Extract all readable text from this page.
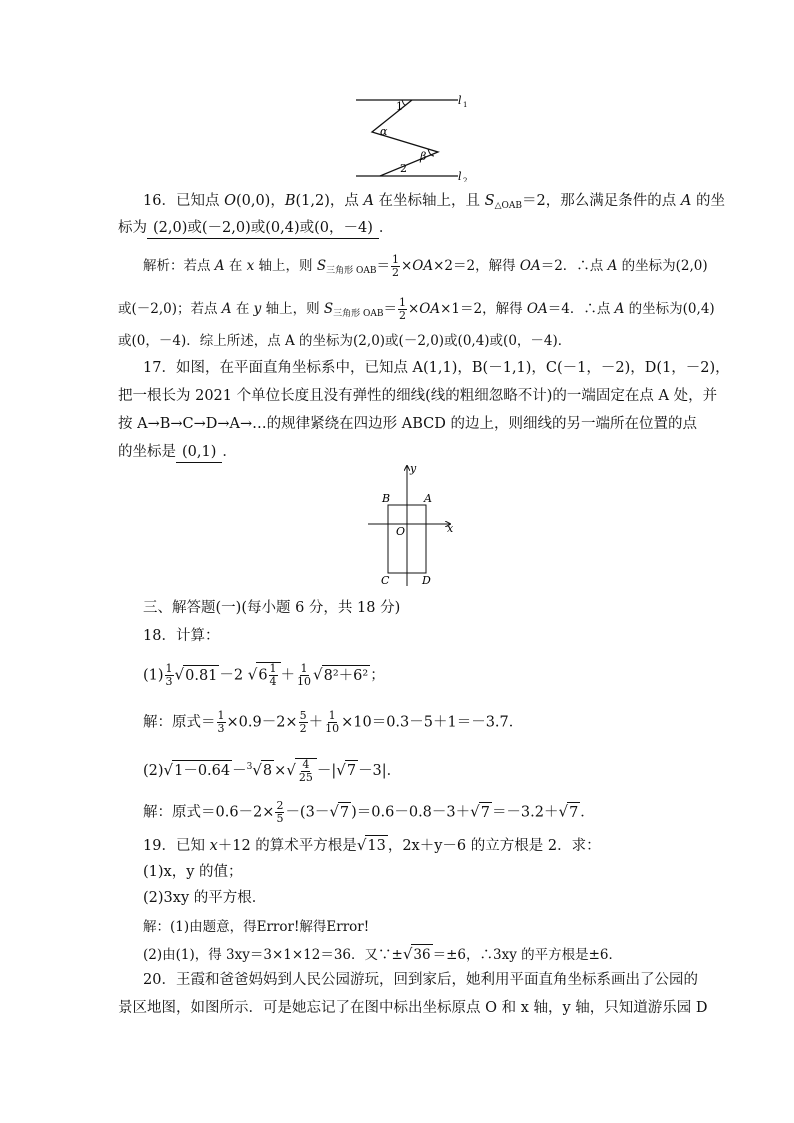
l 1
l 2
1
α
β
2
16．已知点 O(0,0)，B(1,2)，点 A 在坐标轴上，且 $S_{\triangle OAB}=2$，那么满足条件的点 A 的坐
标为 (2,0)或(－2,0)或(0,4)或(0，－4) ．
解析：若点 A 在 x 轴上，则 $S_{三角形 OAB}= \frac{1}{2} \times OA\times 2=2$，解得 OA＝2．∴点 A 的坐标为(2,0)
或(－2,0)；若点 A 在 y 轴上，则 $S_{三角形 OAB}= \frac{1}{2} \times OA\times 1=2$，解得 OA＝4．∴点 A 的坐标为(0,4)
或(0，－4)．综上所述，点 A 的坐标为(2,0)或(－2,0)或(0,4)或(0，－4)．
17．如图，在平面直角坐标系中，已知点 A(1,1)，B(－1,1)，C(－1，－2)，D(1，－2)，
把一根长为 2021 个单位长度且没有弹性的细线(线的粗细忽略不计)的一端固定在点 A 处，并
按 A→B→C→D→A→…的规律紧绕在四边形 ABCD 的边上，则细线的另一端所在位置的点
的坐标是 (0,1) ．
y
x
O
B	A
C	D
三、解答题(一)(每小题 6 分，共 18 分)
18．计算：
$(1) \frac{1}{3} √0.81 -2$ $√6 \frac{1}{4} + \frac{1}{10} √8^2+6^2$ ；
解：原式＝ $\frac{1}{3} \times 0.9-2\times \frac{5}{2} + \frac{1}{10} \times 10=0.3-5+1=-3.7$．
(2)√1－0.64 －$^3$√8 ×√ $\frac{4}{25} -|√7 -3|$．
解：原式$=0.6-2\times \frac{2}{5} -(3-√7$ )＝0.6－0.8－3＋√7 ＝－3.2＋√7 ．
19．已知 x＋12 的算术平方根是√13 ，2x＋y－6 的立方根是 2．求：
(1)x，y 的值；
(2)3xy 的平方根．
解：(1)由题意，得Error!解得Error!
(2)由(1)，得 3xy＝3×1×12＝36．又∵±√36 ＝±6，∴3xy 的平方根是±6．
20．王霞和爸爸妈妈到人民公园游玩，回到家后，她利用平面直角坐标系画出了公园的
景区地图，如图所示．可是她忘记了在图中标出坐标原点 O 和 x 轴，y 轴，只知道游乐园 D
